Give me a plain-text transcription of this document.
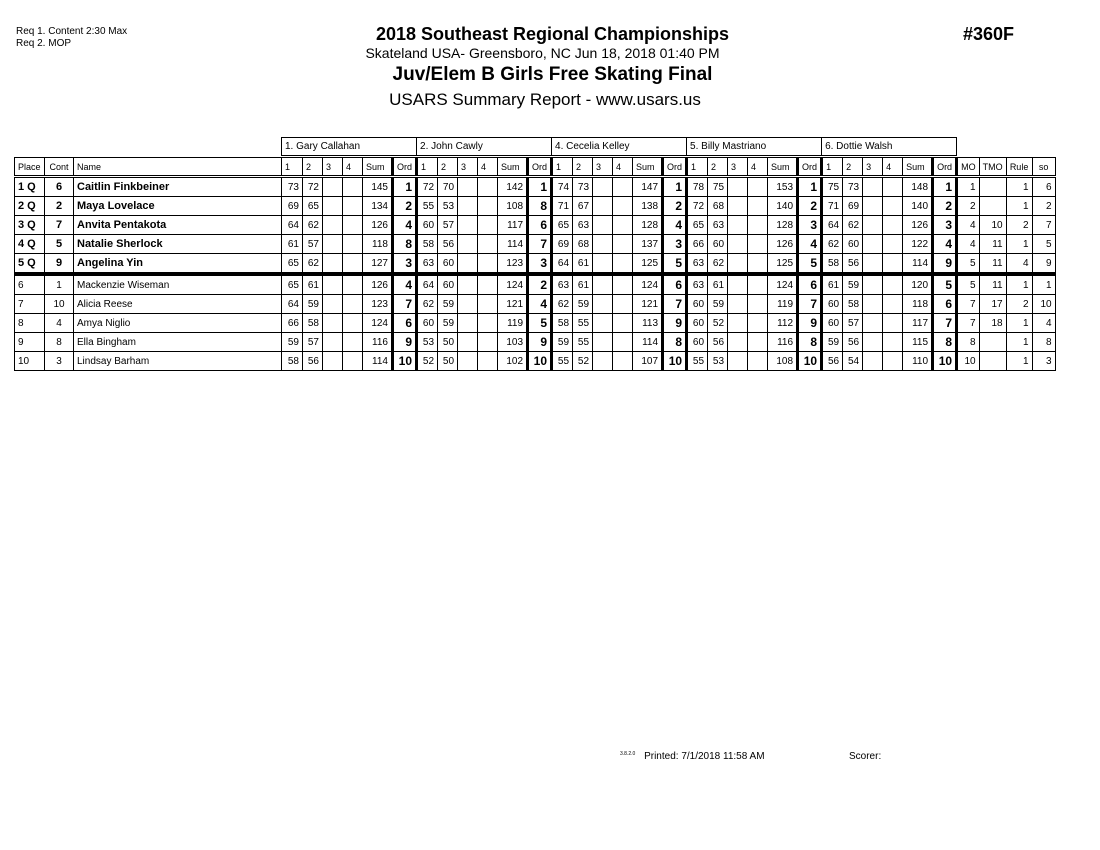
Req 1. Content 2:30 Max
Req 2. MOP	2018 Southeast Regional Championships
Skateland USA- Greensboro, NC Jun 18, 2018 01:40 PM
Juv/Elem B Girls Free Skating Final
USARS Summary Report - www.usars.us
#360F
			1. Gary Callahan						2. John Cawly						4. Cecelia Kelley						5. Billy Mastriano						6. Dottie Walsh									

Place	Cont	Name	1	2	3	4	Sum	Ord	1	2	3	4	Sum	Ord	1	2	3	4	Sum	Ord	1	2	3	4	Sum	Ord	1	2	3	4	Sum	Ord	MO	TMO	Rule	so

1 Q	6	Caitlin Finkbeiner	73	72			145	1	72	70			142	1	74	73			147	1	78	75			153	1	75	73			148	1	1		1	6
2 Q	2	Maya Lovelace	69	65			134	2	55	53			108	8	71	67			138	2	72	68			140	2	71	69			140	2	2		1	2
3 Q	7	Anvita Pentakota	64	62			126	4	60	57			117	6	65	63			128	4	65	63			128	3	64	62			126	3	4	10	2	7
4 Q	5	Natalie Sherlock	61	57			118	8	58	56			114	7	69	68			137	3	66	60			126	4	62	60			122	4	4	11	1	5
5 Q	9	Angelina Yin	65	62			127	3	63	60			123	3	64	61			125	5	63	62			125	5	58	56			114	9	5	11	4	9
6	1	Mackenzie Wiseman	65	61			126	4	64	60			124	2	63	61			124	6	63	61			124	6	61	59			120	5	5	11	1	1
7	10	Alicia Reese	64	59			123	7	62	59			121	4	62	59			121	7	60	59			119	7	60	58			118	6	7	17	2	10
8	4	Amya Niglio	66	58			124	6	60	59			119	5	58	55			113	9	60	52			112	9	60	57			117	7	7	18	1	4
9	8	Ella Bingham	59	57			116	9	53	50			103	9	59	55			114	8	60	56			116	8	59	56			115	8	8		1	8
10	3	Lindsay Barham	58	56			114	10	52	50			102	10	55	52			107	10	55	53			108	10	56	54			110	10	10		1	3
$^{3.8.2.0}$ Printed: 7/1/2018 11:58 AM	Scorer:
